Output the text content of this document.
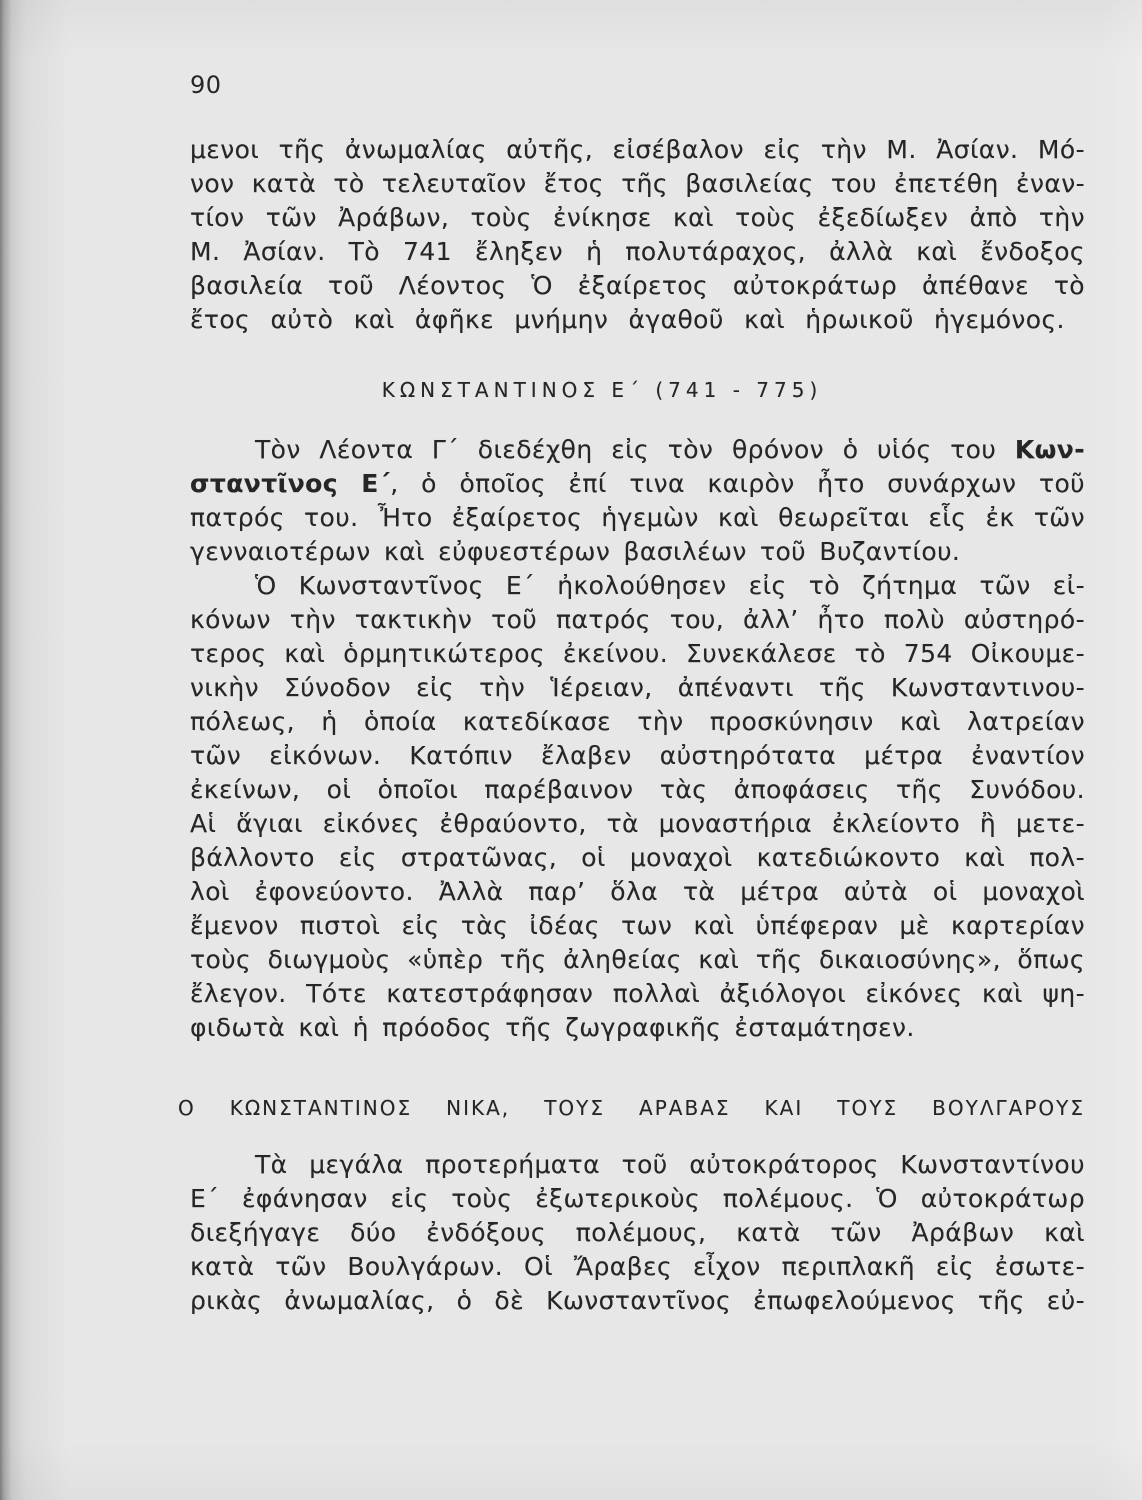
90
μενοι τῆς ἀνωμαλίας αὐτῆς, εἰσέβαλον εἰς τὴν Μ. Ἀσίαν. Μό-
νον κατὰ τὸ τελευταῖον ἔτος τῆς βασιλείας του ἐπετέθη ἐναν-
τίον τῶν Ἀράβων, τοὺς ἐνίκησε καὶ τοὺς ἐξεδίωξεν ἀπὸ τὴν
Μ. Ἀσίαν. Τὸ 741 ἔληξεν ἡ πολυτάραχος, ἀλλὰ καὶ ἔνδοξος
βασιλεία τοῦ Λέοντος Ὁ ἐξαίρετος αὐτοκράτωρ ἀπέθανε τὸ
ἔτος αὐτὸ καὶ ἀφῆκε μνήμην ἀγαθοῦ καὶ ἡρωικοῦ ἡγεμόνος.
ΚΩΝΣΤΑΝΤΙΝΟΣ Ε΄ (741 - 775)
Τὸν Λέοντα Γ΄ διεδέχθη εἰς τὸν θρόνον ὁ υἱός του Κων-
σταντῖνος Ε΄, ὁ ὁποῖος ἐπί τινα καιρὸν ἦτο συνάρχων τοῦ
πατρός του. Ἦτο ἐξαίρετος ἡγεμὼν καὶ θεωρεῖται εἷς ἐκ τῶν
γενναιοτέρων καὶ εὐφυεστέρων βασιλέων τοῦ Βυζαντίου.
Ὁ Κωνσταντῖνος Ε΄ ἠκολούθησεν εἰς τὸ ζήτημα τῶν εἰ-
κόνων τὴν τακτικὴν τοῦ πατρός του, ἀλλ’ ἦτο πολὺ αὐστηρό-
τερος καὶ ὁρμητικώτερος ἐκείνου. Συνεκάλεσε τὸ 754 Οἰκουμε-
νικὴν Σύνοδον εἰς τὴν Ἱέρειαν, ἀπέναντι τῆς Κωνσταντινου-
πόλεως, ἡ ὁποία κατεδίκασε τὴν προσκύνησιν καὶ λατρείαν
τῶν εἰκόνων. Κατόπιν ἔλαβεν αὐστηρότατα μέτρα ἐναντίον
ἐκείνων, οἱ ὁποῖοι παρέβαινον τὰς ἀποφάσεις τῆς Συνόδου.
Αἱ ἅγιαι εἰκόνες ἐθραύοντο, τὰ μοναστήρια ἐκλείοντο ἢ μετε-
βάλλοντο εἰς στρατῶνας, οἱ μοναχοὶ κατεδιώκοντο καὶ πολ-
λοὶ ἐφονεύοντο. Ἀλλὰ παρ’ ὅλα τὰ μέτρα αὐτὰ οἱ μοναχοὶ
ἔμενον πιστοὶ εἰς τὰς ἰδέας των καὶ ὑπέφεραν μὲ καρτερίαν
τοὺς διωγμοὺς «ὑπὲρ τῆς ἀληθείας καὶ τῆς δικαιοσύνης», ὅπως
ἔλεγον. Τότε κατεστράφησαν πολλαὶ ἀξιόλογοι εἰκόνες καὶ ψη-
φιδωτὰ καὶ ἡ πρόοδος τῆς ζωγραφικῆς ἐσταμάτησεν.
Ο ΚΩΝΣΤΑΝΤΙΝΟΣ ΝΙΚΑ, ΤΟΥΣ ΑΡΑΒΑΣ ΚΑΙ ΤΟΥΣ ΒΟΥΛΓΑΡΟΥΣ
Τὰ μεγάλα προτερήματα τοῦ αὐτοκράτορος Κωνσταντίνου
Ε΄ ἐφάνησαν εἰς τοὺς ἐξωτερικοὺς πολέμους. Ὁ αὐτοκράτωρ
διεξήγαγε δύο ἐνδόξους πολέμους, κατὰ τῶν Ἀράβων καὶ
κατὰ τῶν Βουλγάρων. Οἱ Ἄραβες εἶχον περιπλακῆ εἰς ἐσωτε-
ρικὰς ἀνωμαλίας, ὁ δὲ Κωνσταντῖνος ἐπωφελούμενος τῆς εὐ-
